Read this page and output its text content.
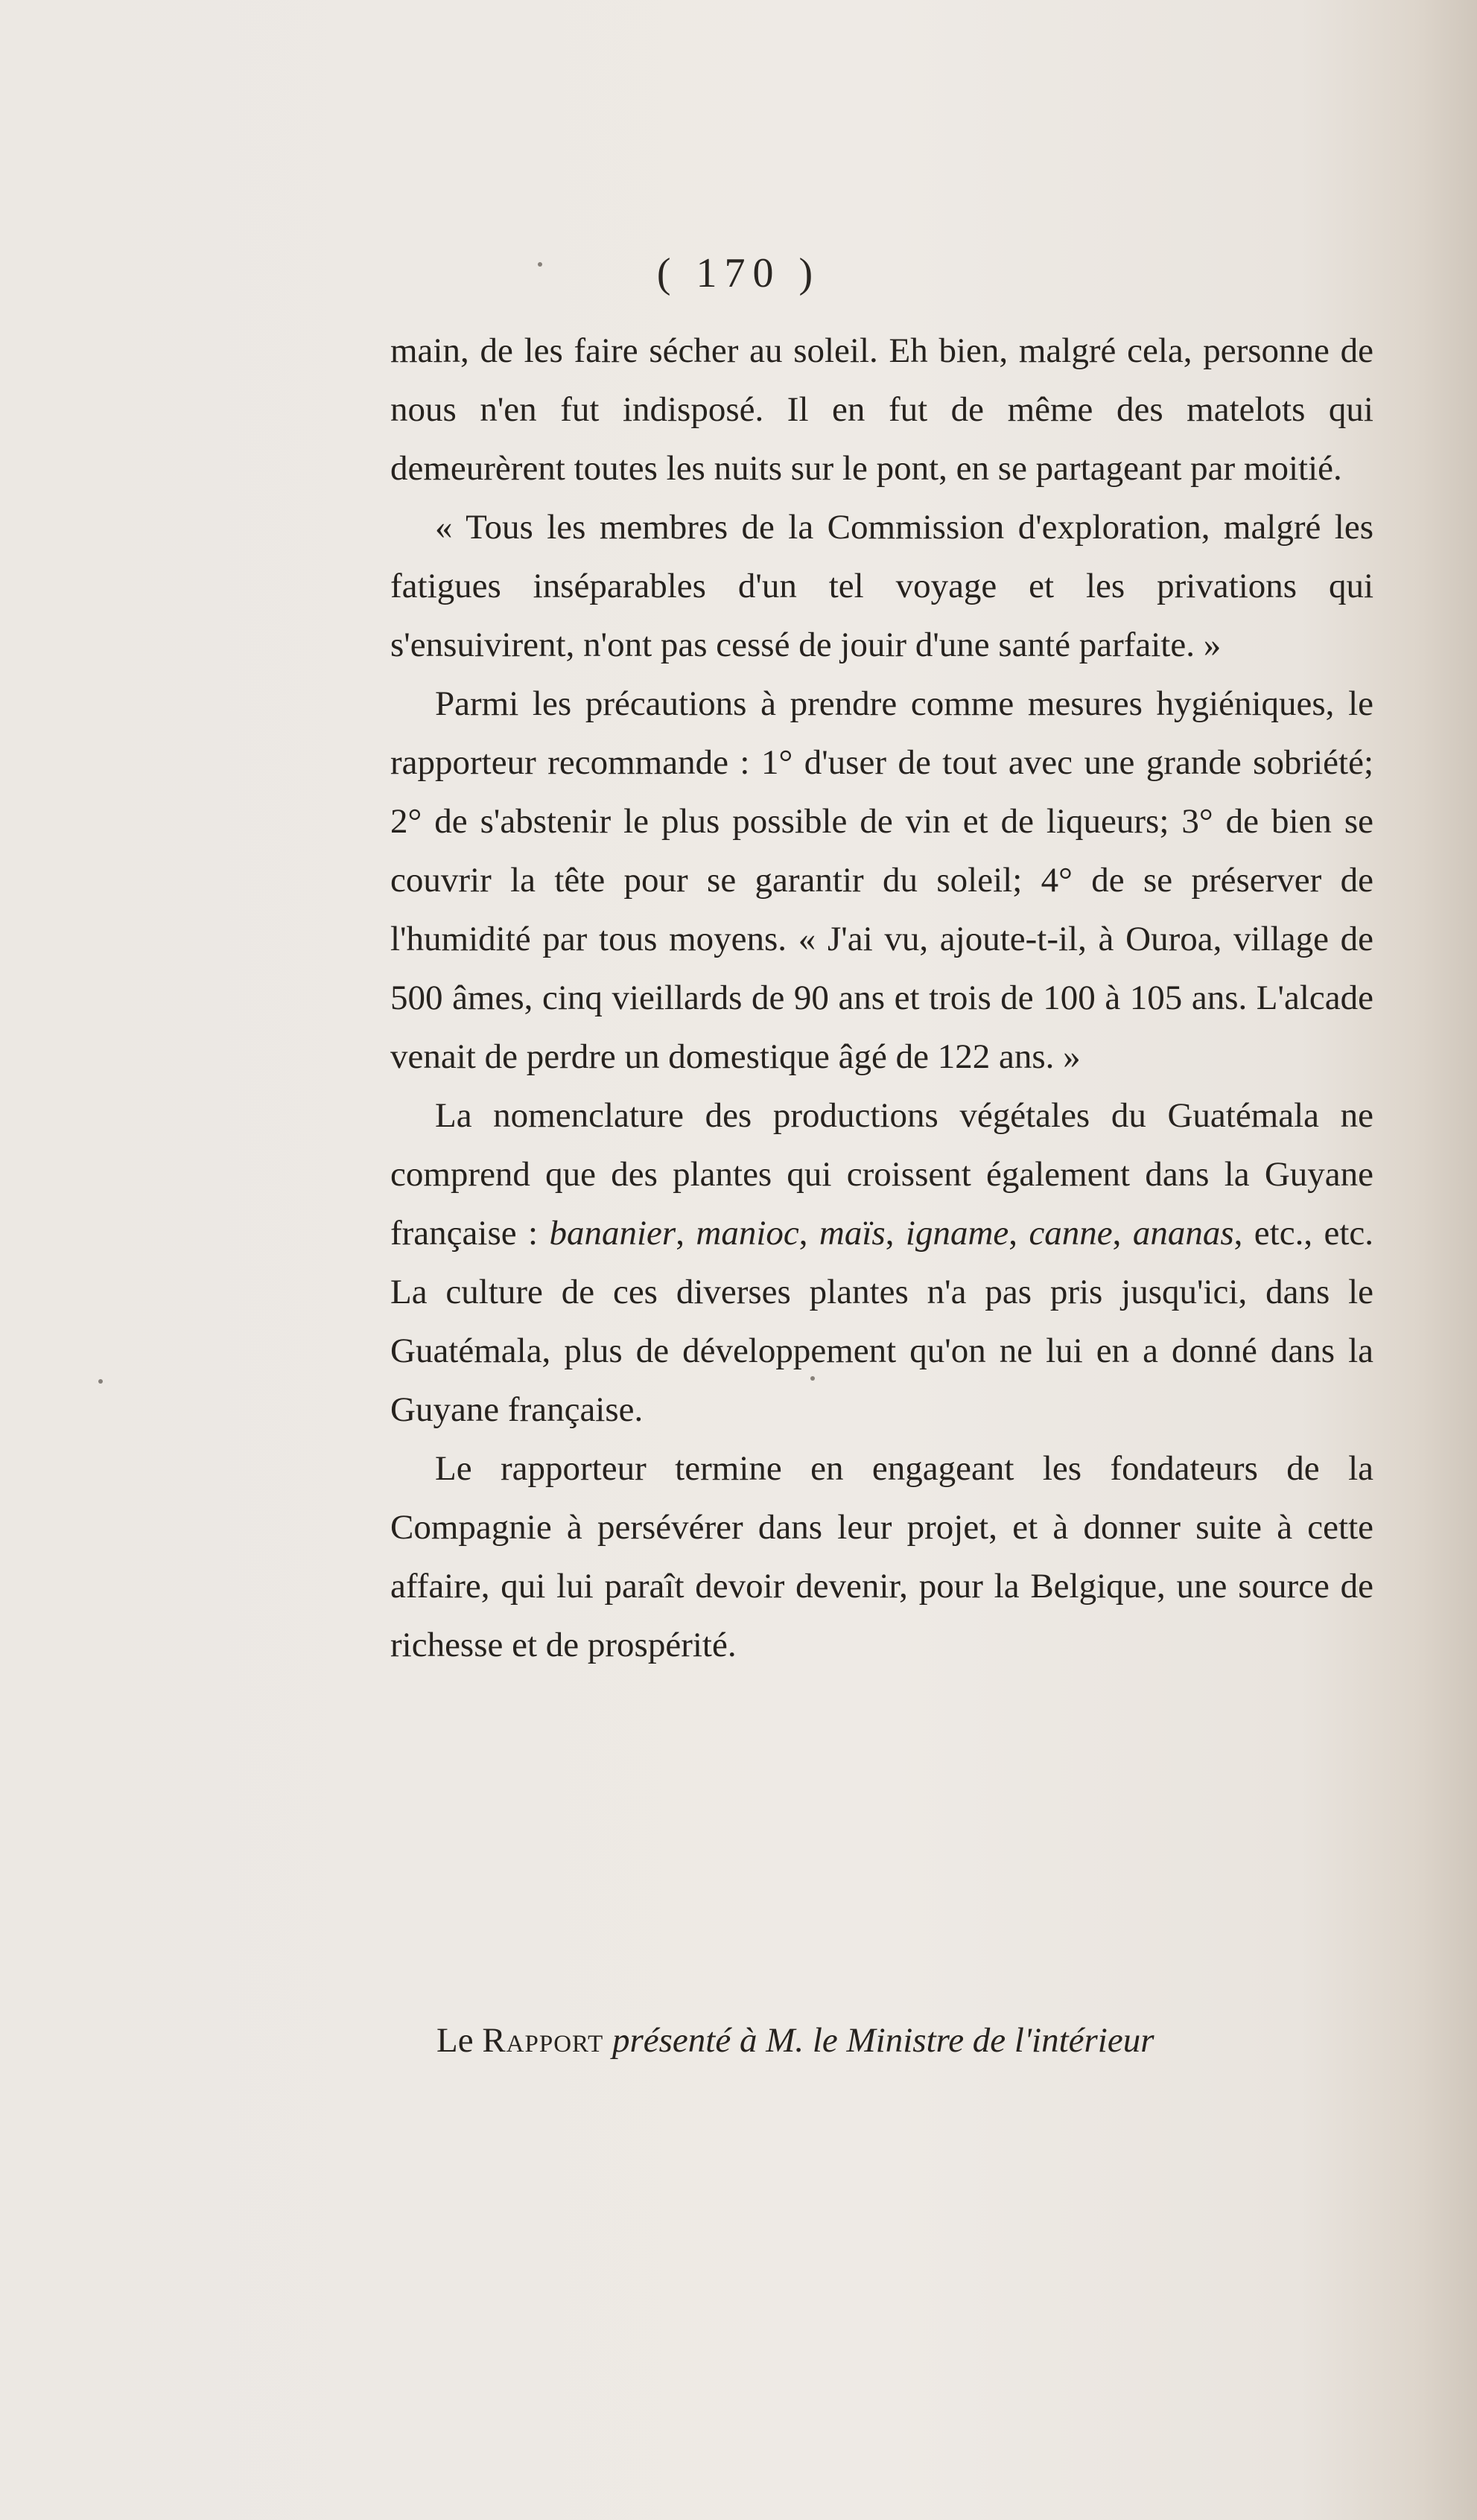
( 170 )

main, de les faire sécher au soleil. Eh bien, malgré cela, personne de nous n'en fut indisposé. Il en fut de même des matelots qui demeurèrent toutes les nuits sur le pont, en se partageant par moitié.

« Tous les membres de la Commission d'exploration, malgré les fatigues inséparables d'un tel voyage et les privations qui s'ensuivirent, n'ont pas cessé de jouir d'une santé parfaite. »

Parmi les précautions à prendre comme mesures hygiéniques, le rapporteur recommande : 1° d'user de tout avec une grande sobriété; 2° de s'abstenir le plus possible de vin et de liqueurs; 3° de bien se couvrir la tête pour se garantir du soleil; 4° de se préserver de l'humidité par tous moyens. « J'ai vu, ajoute-t-il, à Ouroa, village de 500 âmes, cinq vieillards de 90 ans et trois de 100 à 105 ans. L'alcade venait de perdre un domestique âgé de 122 ans. »

La nomenclature des productions végétales du Guatémala ne comprend que des plantes qui croissent également dans la Guyane française : bananier, manioc, maïs, igname, canne, ananas, etc., etc. La culture de ces diverses plantes n'a pas pris jusqu'ici, dans le Guatémala, plus de développement qu'on ne lui en a donné dans la Guyane française.

Le rapporteur termine en engageant les fondateurs de la Compagnie à persévérer dans leur projet, et à donner suite à cette affaire, qui lui paraît devoir devenir, pour la Belgique, une source de richesse et de prospérité.

Le Rapport présenté à M. le Ministre de l'intérieur
